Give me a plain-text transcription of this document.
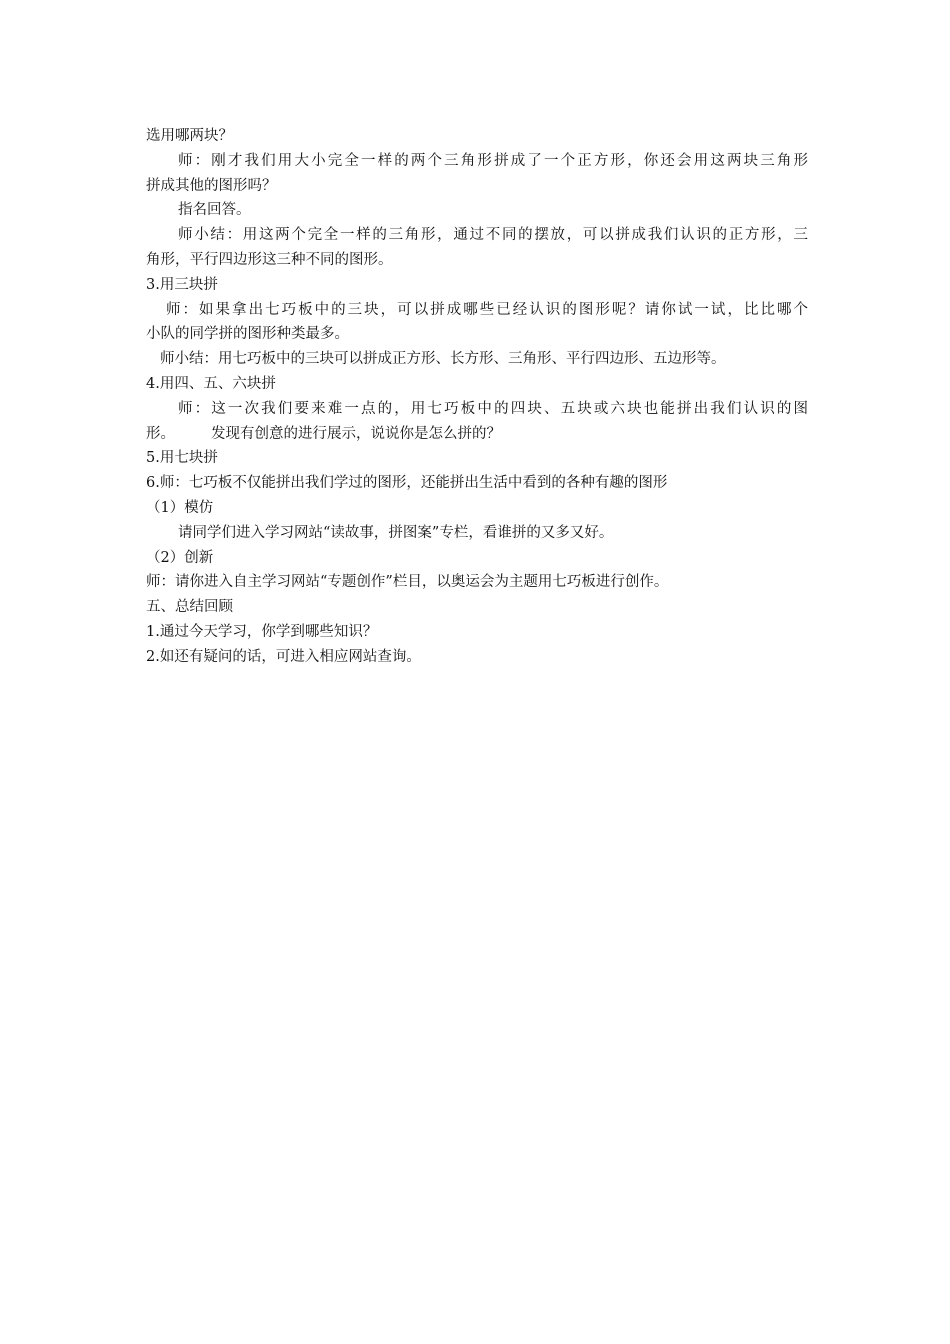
选用哪两块？
师：刚才我们用大小完全一样的两个三角形拼成了一个正方形，你还会用这两块三角形
拼成其他的图形吗？
指名回答。
师小结：用这两个完全一样的三角形，通过不同的摆放，可以拼成我们认识的正方形，三
角形，平行四边形这三种不同的图形。
3.用三块拼
师：如果拿出七巧板中的三块，可以拼成哪些已经认识的图形呢？请你试一试，比比哪个
小队的同学拼的图形种类最多。
师小结：用七巧板中的三块可以拼成正方形、长方形、三角形、平行四边形、五边形等。
4.用四、五、六块拼
师：这一次我们要来难一点的，用七巧板中的四块、五块或六块也能拼出我们认识的图
形。 发现有创意的进行展示，说说你是怎么拼的？
5.用七块拼
6.师：七巧板不仅能拼出我们学过的图形，还能拼出生活中看到的各种有趣的图形
（1）模仿
请同学们进入学习网站“读故事，拼图案”专栏，看谁拼的又多又好。
（2）创新
师：请你进入自主学习网站“专题创作”栏目，以奥运会为主题用七巧板进行创作。
五、总结回顾
1.通过今天学习，你学到哪些知识？
2.如还有疑问的话，可进入相应网站查询。
